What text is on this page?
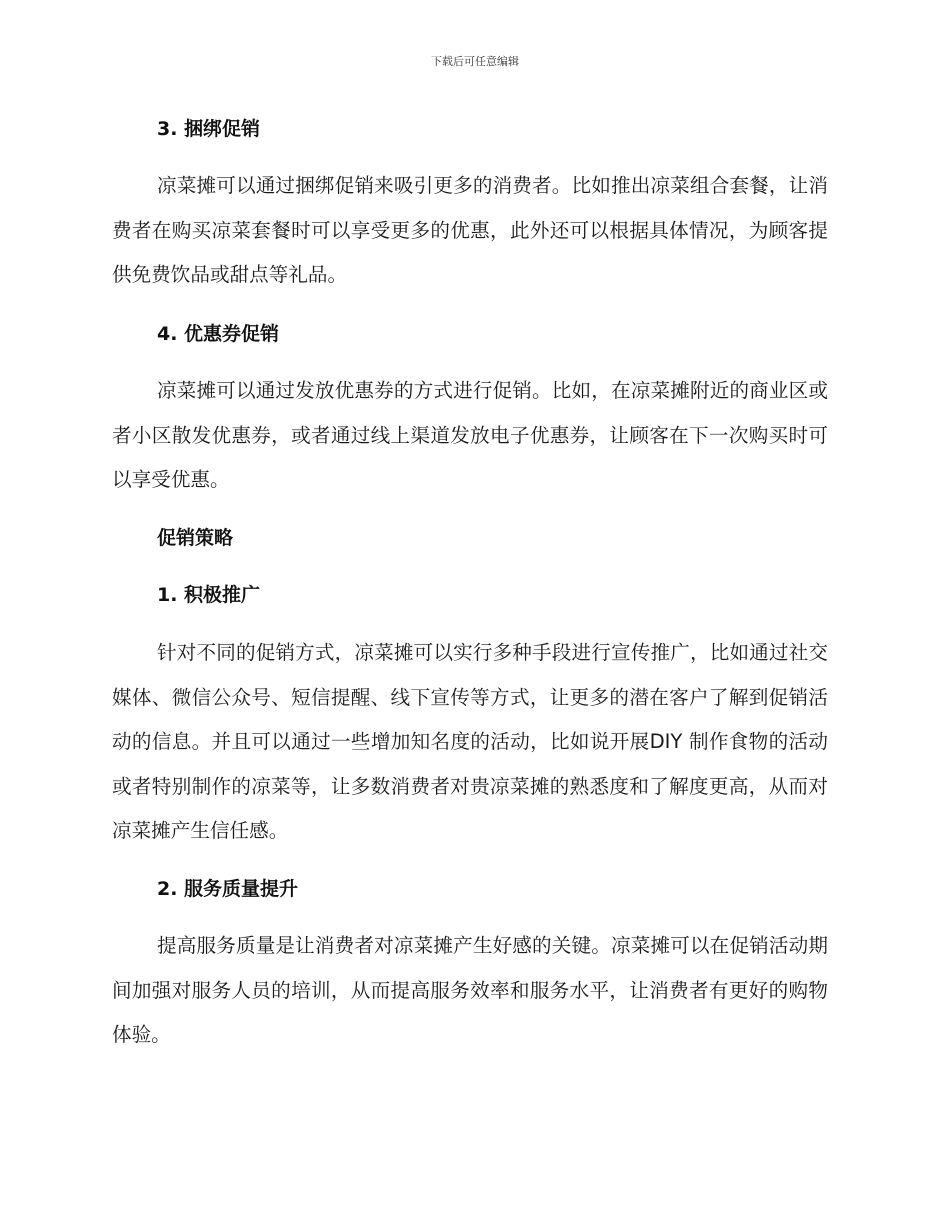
下载后可任意编辑
3. 捆绑促销

凉菜摊可以通过捆绑促销来吸引更多的消费者。比如推出凉菜组合套餐，让消费者在购买凉菜套餐时可以享受更多的优惠，此外还可以根据具体情况，为顾客提供免费饮品或甜点等礼品。

4. 优惠券促销

凉菜摊可以通过发放优惠券的方式进行促销。比如，在凉菜摊附近的商业区或者小区散发优惠券，或者通过线上渠道发放电子优惠券，让顾客在下一次购买时可以享受优惠。

促销策略
1. 积极推广

针对不同的促销方式，凉菜摊可以实行多种手段进行宣传推广，比如通过社交媒体、微信公众号、短信提醒、线下宣传等方式，让更多的潜在客户了解到促销活动的信息。并且可以通过一些增加知名度的活动，比如说开展DIY 制作食物的活动或者特别制作的凉菜等，让多数消费者对贵凉菜摊的熟悉度和了解度更高，从而对凉菜摊产生信任感。

2. 服务质量提升

提高服务质量是让消费者对凉菜摊产生好感的关键。凉菜摊可以在促销活动期间加强对服务人员的培训，从而提高服务效率和服务水平，让消费者有更好的购物体验。
